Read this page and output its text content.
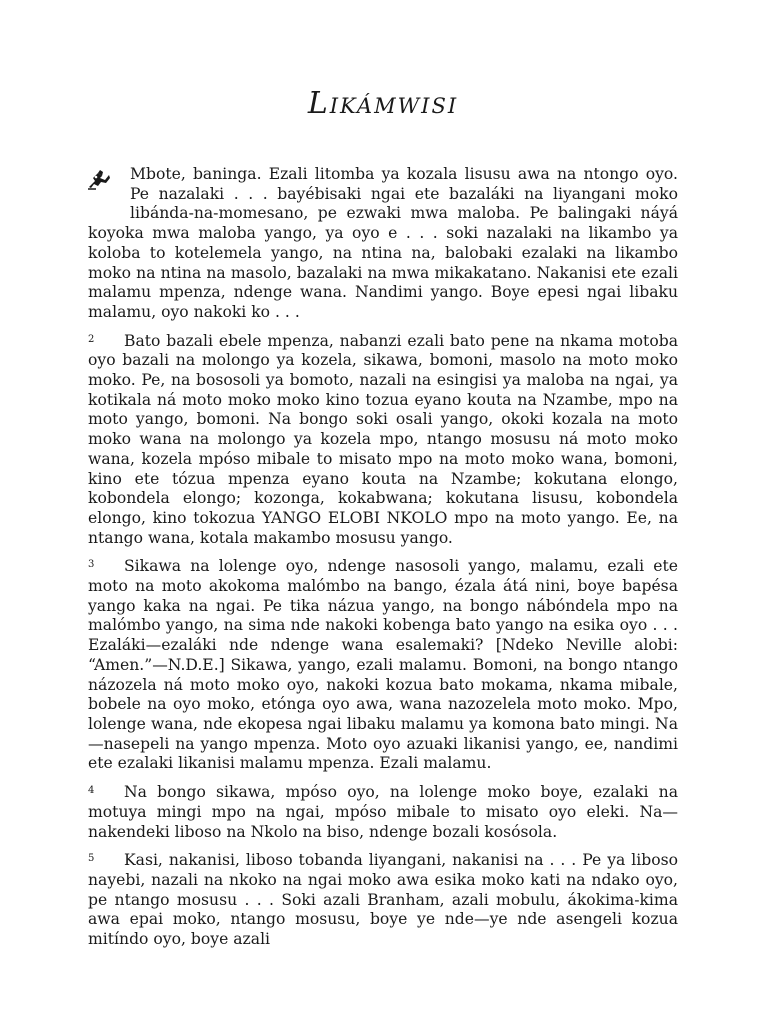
Likámwisi

Mbote, baninga. Ezali litomba ya kozala lisusu awa na ntongo oyo. Pe nazalaki . . . bayébisaki ngai ete bazaláki na liyangani moko libánda-na-momesano, pe ezwaki mwa maloba. Pe balingaki náyá koyoka mwa maloba yango, ya oyo e . . . soki nazalaki na likambo ya koloba to kotelemela yango, na ntina na, balobaki ezalaki na likambo moko na ntina na masolo, bazalaki na mwa mikakatano. Nakanisi ete ezali malamu mpenza, ndenge wana. Nandimi yango. Boye epesi ngai libaku malamu, oyo nakoki ko . . .

2 Bato bazali ebele mpenza, nabanzi ezali bato pene na nkama motoba oyo bazali na molongo ya kozela, sikawa, bomoni, masolo na moto moko moko. Pe, na bososoli ya bomoto, nazali na esingisi ya maloba na ngai, ya kotikala ná moto moko moko kino tozua eyano kouta na Nzambe, mpo na moto yango, bomoni. Na bongo soki osali yango, okoki kozala na moto moko wana na molongo ya kozela mpo, ntango mosusu ná moto moko wana, kozela mpóso mibale to misato mpo na moto moko wana, bomoni, kino ete tózua mpenza eyano kouta na Nzambe; kokutana elongo, kobondela elongo; kozonga, kokabwana; kokutana lisusu, kobondela elongo, kino tokozua YANGO ELOBI NKOLO mpo na moto yango. Ee, na ntango wana, kotala makambo mosusu yango.

3 Sikawa na lolenge oyo, ndenge nasosoli yango, malamu, ezali ete moto na moto akokoma malómbo na bango, ézala átá nini, boye bapésa yango kaka na ngai. Pe tika názua yango, na bongo nábóndela mpo na malómbo yango, na sima nde nakoki kobenga bato yango na esika oyo . . . Ezaláki—ezaláki nde ndenge wana esalemaki? [Ndeko Neville alobi: “Amen.”—N.D.E.] Sikawa, yango, ezali malamu. Bomoni, na bongo ntango názozela ná moto moko oyo, nakoki kozua bato mokama, nkama mibale, bobele na oyo moko, etónga oyo awa, wana nazozelela moto moko. Mpo, lolenge wana, nde ekopesa ngai libaku malamu ya komona bato mingi. Na—nasepeli na yango mpenza. Moto oyo azuaki likanisi yango, ee, nandimi ete ezalaki likanisi malamu mpenza. Ezali malamu.

4 Na bongo sikawa, mpóso oyo, na lolenge moko boye, ezalaki na motuya mingi mpo na ngai, mpóso mibale to misato oyo eleki. Na—nakendeki liboso na Nkolo na biso, ndenge bozali kosósola.

5 Kasi, nakanisi, liboso tobanda liyangani, nakanisi na . . . Pe ya liboso nayebi, nazali na nkoko na ngai moko awa esika moko kati na ndako oyo, pe ntango mosusu . . . Soki azali Branham, azali mobulu, ákokima-kima awa epai moko, ntango mosusu, boye ye nde—ye nde asengeli kozua mitíndo oyo, boye azali
